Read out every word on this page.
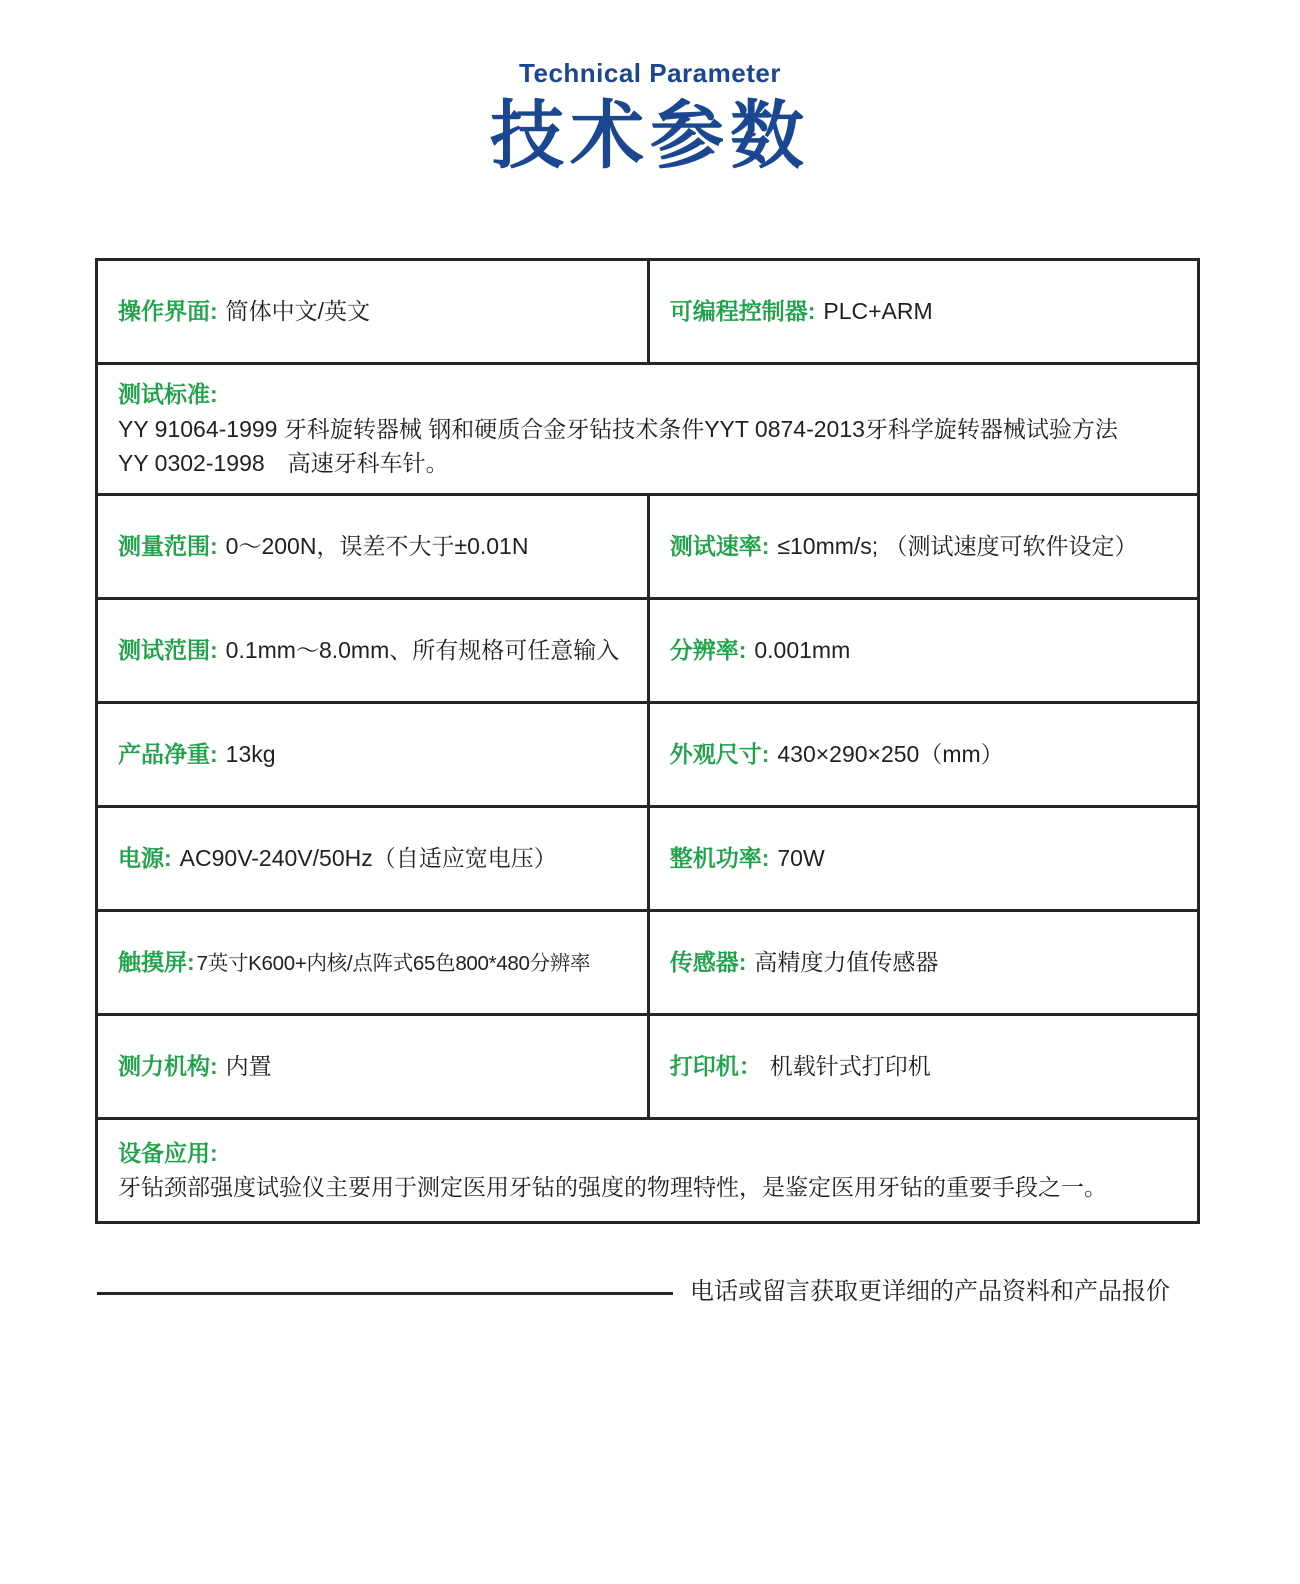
Technical Parameter
技术参数
操作界面: 简体中文/英文	可编程控制器: PLC+ARM
测试标准:
YY 91064-1999 牙科旋转器械 钢和硬质合金牙钻技术条件YYT 0874-2013牙科学旋转器械试验方法
YY 0302-1998　高速牙科车针。
测量范围: 0～200N，误差不大于±0.01N	测试速率: ≤10mm/s; （测试速度可软件设定）
测试范围: 0.1mm～8.0mm、所有规格可任意输入 分辨率: 0.001mm
产品净重: 13kg	外观尺寸: 430×290×250（mm）
电源: AC90V-240V/50Hz（自适应宽电压）	整机功率: 70W
触摸屏: 7英寸K600+内核/点阵式65色800*480分辨率	传感器: 高精度力值传感器
测力机构: 内置	打印机： 机载针式打印机
设备应用:
牙钻颈部强度试验仪主要用于测定医用牙钻的强度的物理特性，是鉴定医用牙钻的重要手段之一。
电话或留言获取更详细的产品资料和产品报价
